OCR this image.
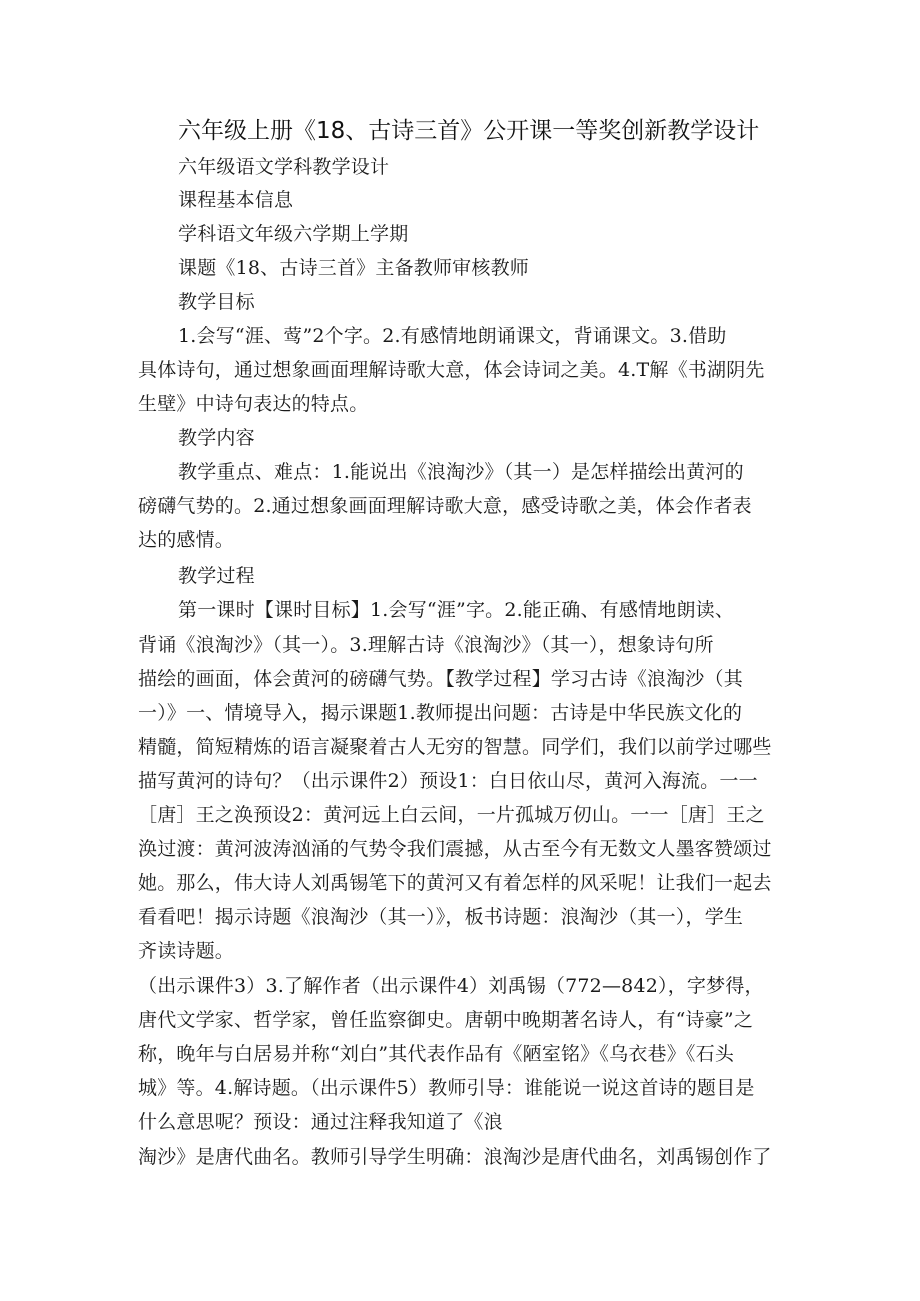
六年级上册《18、古诗三首》公开课一等奖创新教学设计
六年级语文学科教学设计
课程基本信息
学科语文年级六学期上学期
课题《18、古诗三首》主备教师审核教师
教学目标
1.会写“涯、莺”2个字。2.有感情地朗诵课文，背诵课文。3.借助
具体诗句，通过想象画面理解诗歌大意，体会诗词之美。4.T解《书湖阴先
生壁》中诗句表达的特点。
教学内容
教学重点、难点：1.能说出《浪淘沙》（其一）是怎样描绘出黄河的
磅礴气势的。2.通过想象画面理解诗歌大意，感受诗歌之美，体会作者表
达的感情。
教学过程
第一课时【课时目标】1.会写“涯”字。2.能正确、有感情地朗读、
背诵《浪淘沙》（其一）。3.理解古诗《浪淘沙》（其一），想象诗句所
描绘的画面，体会黄河的磅礴气势。【教学过程】学习古诗《浪淘沙（其
一）》一、情境导入，揭示课题1.教师提出问题：古诗是中华民族文化的
精髓，简短精炼的语言凝聚着古人无穷的智慧。同学们，我们以前学过哪些
描写黄河的诗句？（出示课件2）预设1：白日依山尽，黄河入海流。一一
［唐］王之涣预设2：黄河远上白云间，一片孤城万仞山。一一［唐］王之
涣过渡：黄河波涛汹涌的气势令我们震撼，从古至今有无数文人墨客赞颂过
她。那么，伟大诗人刘禹锡笔下的黄河又有着怎样的风采呢！让我们一起去
看看吧！揭示诗题《浪淘沙（其一）》，板书诗题：浪淘沙（其一），学生
齐读诗题。
（出示课件3）3.了解作者（出示课件4）刘禹锡（772—842），字梦得，
唐代文学家、哲学家，曾任监察御史。唐朝中晚期著名诗人，有“诗豪”之
称，晚年与白居易并称“刘白”其代表作品有《陋室铭》《乌衣巷》《石头
城》等。4.解诗题。（出示课件5）教师引导：谁能说一说这首诗的题目是
什么意思呢？预设：通过注释我知道了《浪
淘沙》是唐代曲名。教师引导学生明确：浪淘沙是唐代曲名，刘禹锡创作了
